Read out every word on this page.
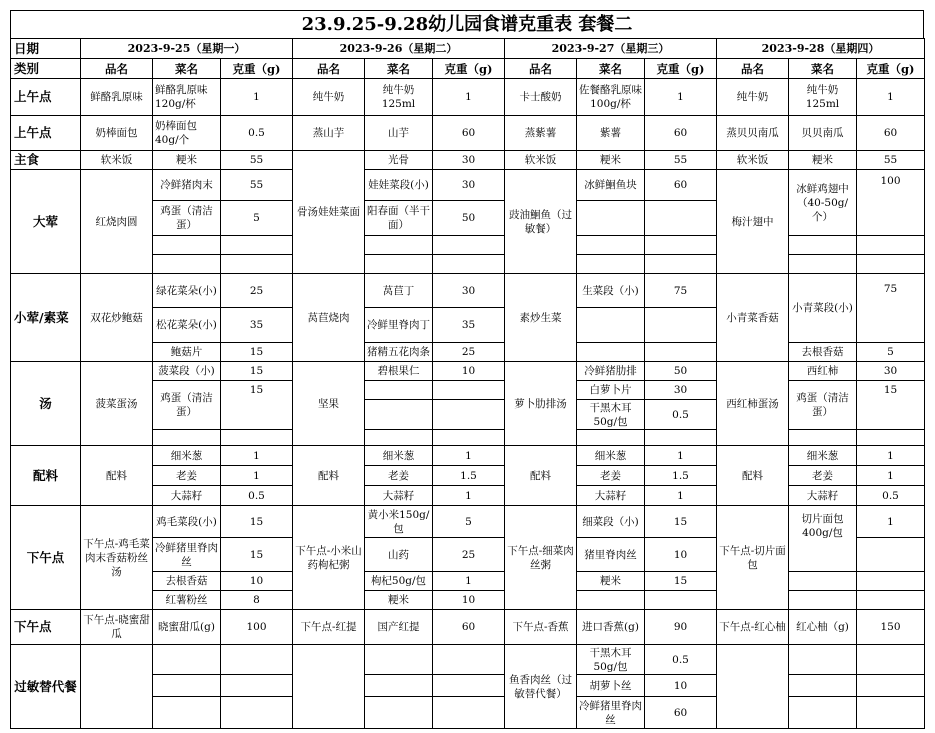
23.9.25-9.28幼儿园食谱克重表 套餐二
日期	2023-9-25（星期一）			2023-9-26（星期二）			2023-9-27（星期三）			2023-9-28（星期四）		
类别	品名	菜名	克重（g)	品名	菜名	克重（g)	品名	菜名	克重（g)	品名	菜名	克重（g)
上午点	鲜酪乳原味	鲜酪乳原味120g/杯	1	纯牛奶	纯牛奶125ml	1	卡士酸奶	佐餐酪乳原味100g/杯	1	纯牛奶	纯牛奶125ml	1
上午点	奶棒面包	奶棒面包40g/个	0.5	蒸山芋	山芋	60	蒸紫薯	紫薯	60	蒸贝贝南瓜	贝贝南瓜	60
主食	软米饭	粳米	55	骨汤娃娃菜面	光骨	30	软米饭	粳米	55	软米饭	粳米	55
大荤	红烧肉圆	冷鲜猪肉末	55		娃娃菜段(小)	30	豉油鮰鱼（过敏餐）	冰鲜鮰鱼块	60	梅汁翅中	冰鲜鸡翅中（40-50g/个）	100
		鸡蛋（清洁蛋）	5		阳春面（半干面）	50						

小荤/素菜	双花炒鲍菇	绿花菜朵(小)	25	莴苣烧肉	莴苣丁	30	素炒生菜	生菜段（小)	75	小青菜香菇	小青菜段(小)	75
		松花菜朵(小)	35		冷鲜里脊肉丁	35						
		鲍菇片	15		猪精五花肉条	25					去根香菇	5
汤	菠菜蛋汤	菠菜段（小)	15	坚果	碧根果仁	10	萝卜肋排汤	冷鲜猪肋排	50	西红柿蛋汤	西红柿	30
		鸡蛋（清洁蛋）	15					白萝卜片	30		鸡蛋（清洁蛋）	15
								干黑木耳50g/包	0.5			

配料	配料	细米葱	1	配料	细米葱	1	配料	细米葱	1	配料	细米葱	1
		老姜	1		老姜	1.5		老姜	1.5		老姜	1
		大蒜籽	0.5		大蒜籽	1		大蒜籽	1		大蒜籽	0.5
下午点	下午点-鸡毛菜肉末香菇粉丝汤	鸡毛菜段(小)	15	下午点-小米山药枸杞粥	黄小米150g/包	5	下午点-细菜肉丝粥	细菜段（小)	15	下午点-切片面包	切片面包400g/包	1
		冷鲜猪里脊肉丝	15		山药	25		猪里脊肉丝	10			
		去根香菇	10		枸杞50g/包	1		粳米	15			
		红薯粉丝	8		粳米	10						
下午点	下午点-晓蜜甜瓜	晓蜜甜瓜(g)	100	下午点-红提	国产红提	60	下午点-香蕉	进口香蕉(g)	90	下午点-红心柚	红心柚（g)	150
过敏替代餐							鱼香肉丝（过敏替代餐）	干黑木耳50g/包	0.5			
								胡萝卜丝	10			
								冷鲜猪里脊肉丝	60			
